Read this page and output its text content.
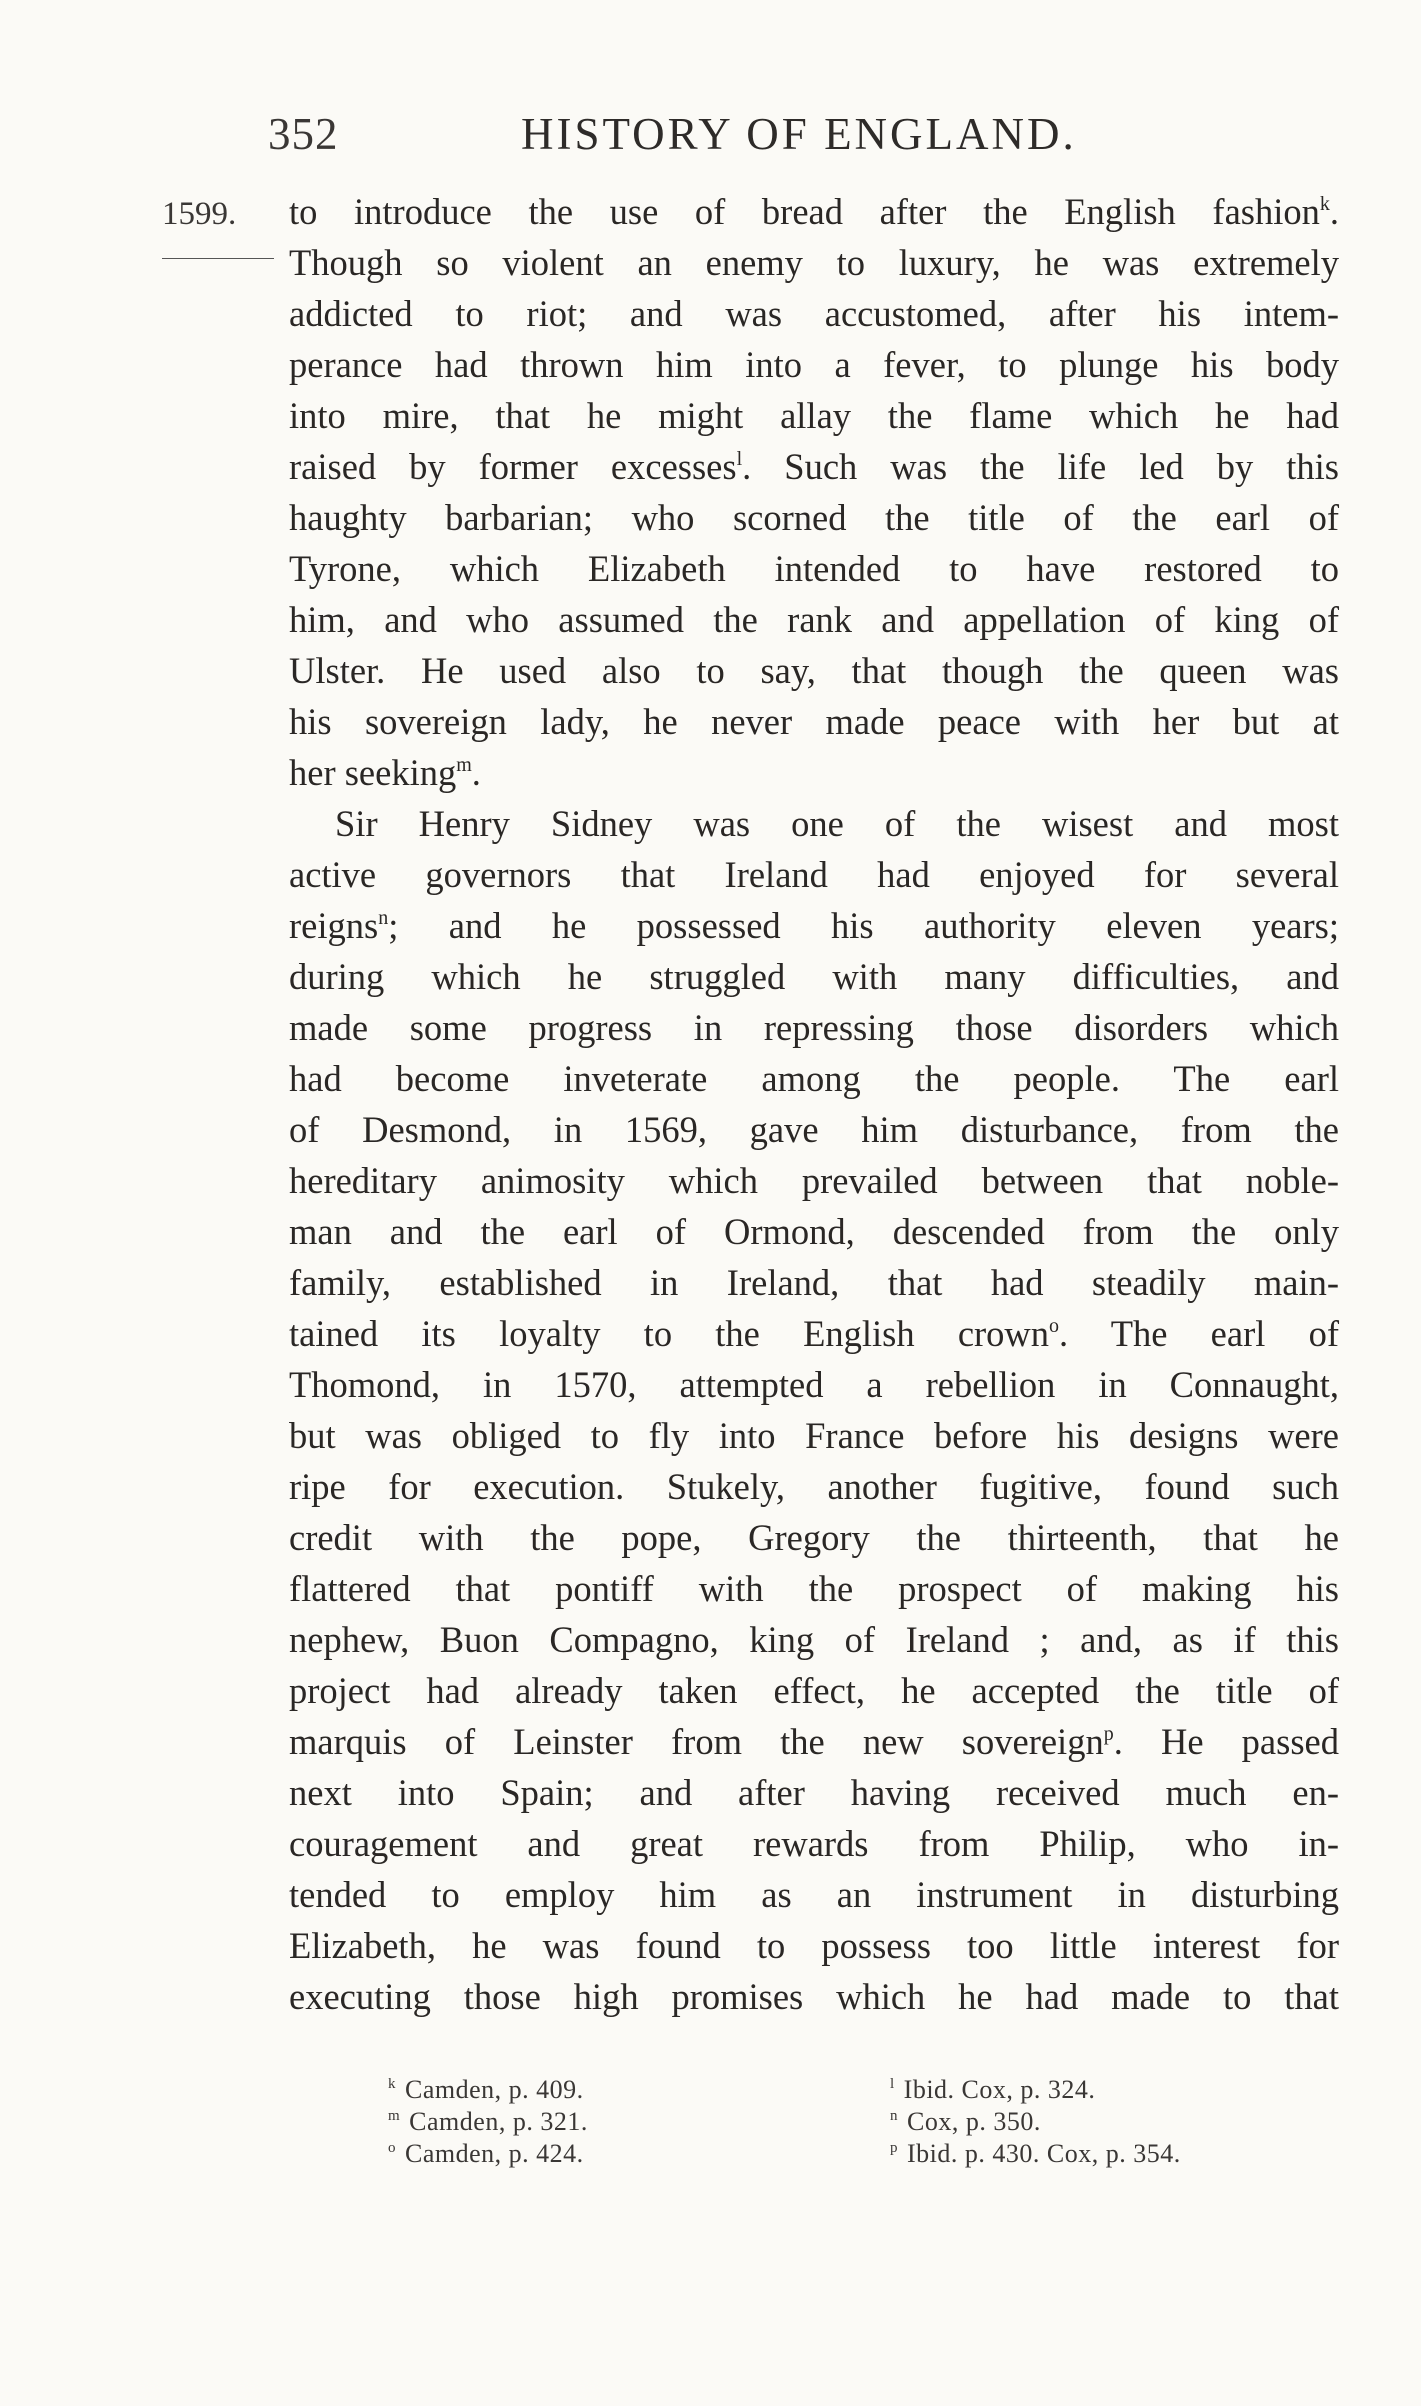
352	HISTORY OF ENGLAND.
1599. to introduce the use of bread after the English fashion$^k$.
Though so violent an enemy to luxury, he was extremely
addicted to riot; and was accustomed, after his intem-
perance had thrown him into a fever, to plunge his body
into mire, that he might allay the flame which he had
raised by former excesses$^l$. Such was the life led by this
haughty barbarian; who scorned the title of the earl of
Tyrone, which Elizabeth intended to have restored to
him, and who assumed the rank and appellation of king of
Ulster. He used also to say, that though the queen was
his sovereign lady, he never made peace with her but at
her seeking$^m$.
Sir Henry Sidney was one of the wisest and most
active governors that Ireland had enjoyed for several
reigns$^n$; and he possessed his authority eleven years;
during which he struggled with many difficulties, and
made some progress in repressing those disorders which
had become inveterate among the people. The earl
of Desmond, in 1569, gave him disturbance, from the
hereditary animosity which prevailed between that noble-
man and the earl of Ormond, descended from the only
family, established in Ireland, that had steadily main-
tained its loyalty to the English crown$^o$. The earl of
Thomond, in 1570, attempted a rebellion in Connaught,
but was obliged to fly into France before his designs were
ripe for execution. Stukely, another fugitive, found such
credit with the pope, Gregory the thirteenth, that he
flattered that pontiff with the prospect of making his
nephew, Buon Compagno, king of Ireland ; and, as if this
project had already taken effect, he accepted the title of
marquis of Leinster from the new sovereign$^p$. He passed
next into Spain; and after having received much en-
couragement and great rewards from Philip, who in-
tended to employ him as an instrument in disturbing
Elizabeth, he was found to possess too little interest for
executing those high promises which he had made to that
$^k$ Camden, p. 409.
$^m$ Camden, p. 321.
$^o$ Camden, p. 424.
$^l$ Ibid. Cox, p. 324.
$^n$ Cox, p. 350.
$^p$ Ibid. p. 430. Cox, p. 354.
